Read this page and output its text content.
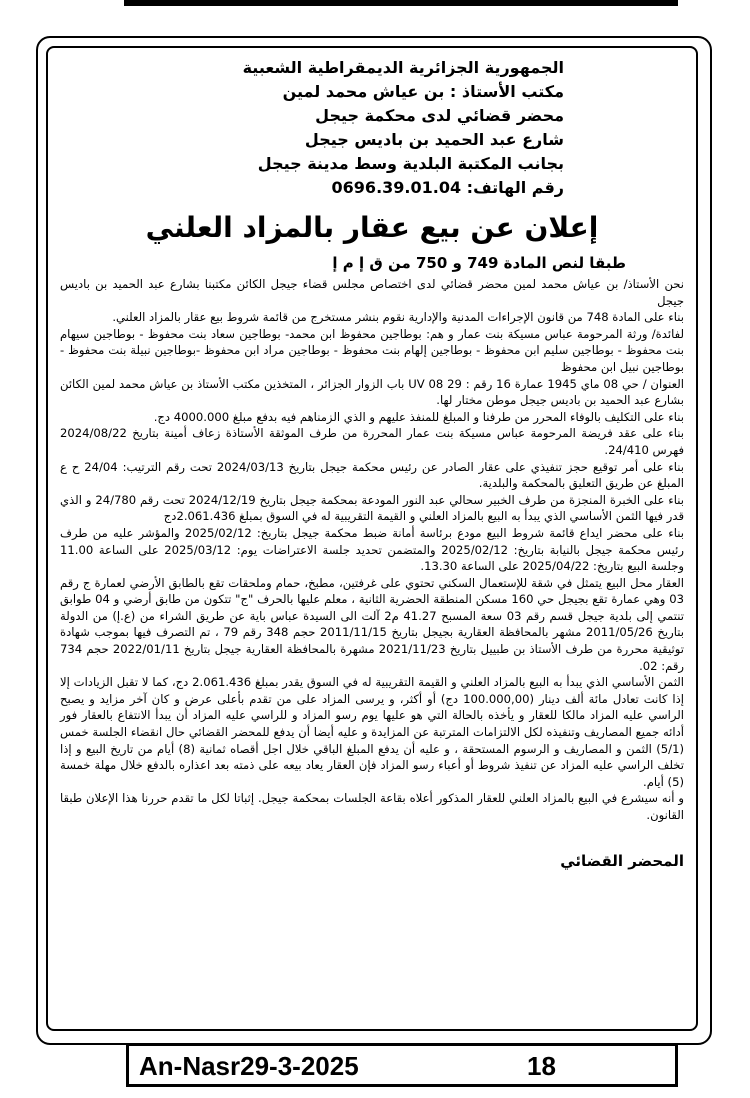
الجمهورية الجزائرية الديمقراطية الشعبية
مكتب الأستاذ : بن عياش محمد لمين
محضر قضائي لدى محكمة جيجل
شارع عبد الحميد بن باديس جيجل
بجانب المكتبة البلدية وسط مدينة جيجل
رقم الهاتف: 0696.39.01.04
إعلان عن بيع عقار بالمزاد العلني
طبقا لنص المادة 749 و 750 من ق إ م إ

نحن الأستاذ/ بن عياش محمد لمين محضر قضائي لدى اختصاص مجلس قضاء جيجل الكائن مكتبنا بشارع عبد الحميد بن باديس جيجل

بناء على المادة 748 من قانون الإجراءات المدنية والإدارية نقوم بنشر مستخرج من قائمة شروط بيع عقار بالمزاد العلني.

لفائدة/ ورثة المرحومة عباس مسيكة بنت عمار و هم: بوطاجين محفوظ ابن محمد- بوطاجين سعاد بنت محفوظ - بوطاجين سيهام بنت محفوظ - بوطاجين سليم ابن محفوظ - بوطاجين إلهام بنت محفوظ - بوطاجين مراد ابن محفوظ -بوطاجين نبيلة بنت محفوظ - بوطاجين نبيل ابن محفوظ

العنوان / حي 08 ماي 1945 عمارة 16 رقم : 29 UV 08 باب الزوار الجزائر ، المتخذين مكتب الأستاذ بن عياش محمد لمين الكائن بشارع عبد الحميد بن باديس جيجل موطن مختار لها.

بناء على التكليف بالوفاء المحرر من طرفنا و المبلغ للمنفذ عليهم و الذي الزمناهم فيه بدفع مبلغ 4000.000 دج.

بناء على عقد فريضة المرحومة عباس مسيكة بنت عمار المحررة من طرف الموثقة الأستاذة زعاف أمينة بتاريخ 2024/08/22 فهرس 24/410.

بناء على أمر توقيع حجز تنفيذي على عقار الصادر عن رئيس محكمة جيجل بتاريخ 2024/03/13 تحت رقم الترتيب: 24/04 ح ع المبلغ عن طريق التعليق بالمحكمة والبلدية.

بناء على الخبرة المنجزة من طرف الخبير سحالي عبد النور المودعة بمحكمة جيجل بتاريخ 2024/12/19 تحت رقم 24/780 و الذي قدر فيها الثمن الأساسي الذي يبدأ به البيع بالمزاد العلني و القيمة التقريبية له في السوق بمبلغ 2.061.436دج

بناء على محضر ايداع قائمة شروط البيع مودع برئاسة أمانة ضبط محكمة جيجل بتاريخ: 2025/02/12 والمؤشر عليه من طرف رئيس محكمة جيجل بالنيابة بتاريخ: 2025/02/12 والمتضمن تحديد جلسة الاعتراضات يوم: 2025/03/12 على الساعة 11.00 وجلسة البيع بتاريخ: 2025/04/22 على الساعة 13.30.

العقار محل البيع يتمثل في شقة للإستعمال السكني تحتوي على غرفتين، مطبخ، حمام وملحقات تقع بالطابق الأرضي لعمارة ج رقم 03 وهي عمارة تقع بجيجل حي 160 مسكن المنطقة الحضرية الثانية ، معلم عليها بالحرف "ج" تتكون من طابق أرضي و 04 طوابق تنتمي إلى بلدية جيجل قسم رقم 03 سعة المسبح 41.27 م2 آلت الى السيدة عباس باية عن طريق الشراء من (ع.إ) من الدولة بتاريخ 2011/05/26 مشهر بالمحافظة العقارية بجيجل بتاريخ 2011/11/15 حجم 348 رقم 79 ، تم التصرف فيها بموجب شهادة توثيقية محررة من طرف الأستاذ بن طبييل بتاريخ 2021/11/23 مشهرة بالمحافظة العقارية جيجل بتاريخ 2022/01/11 حجم 734 رقم: 02.

الثمن الأساسي الذي يبدأ به البيع بالمزاد العلني و القيمة التقريبية له في السوق يقدر بمبلغ 2.061.436 دج، كما لا تقبل الزيادات إلا إذا كانت تعادل مائة ألف دينار (100.000,00 دج) أو أكثر، و يرسى المزاد على من تقدم بأعلى عرض و كان آخر مزايد و يصبح الراسي عليه المزاد مالكا للعقار و يأخذه بالحالة التي هو عليها يوم رسو المزاد و للراسي عليه المزاد أن يبدأ الانتفاع بالعقار فور أدائه جميع المصاريف وتنفيذه لكل الالتزامات المترتبة عن المزايدة و عليه أيضا أن يدفع للمحضر القضائي حال انقضاء الجلسة خمس (5/1) الثمن و المصاريف و الرسوم المستحقة ، و عليه أن يدفع المبلغ الباقي خلال اجل أقصاه ثمانية (8) أيام من تاريخ البيع و إذا تخلف الراسي عليه المزاد عن تنفيذ شروط أو أعباء رسو المزاد فإن العقار يعاد بيعه على ذمته بعد اعذاره بالدفع خلال مهلة خمسة (5) أيام.

و أنه سيشرع في البيع بالمزاد العلني للعقار المذكور أعلاه بقاعة الجلسات بمحكمة جيجل. إثباتا لكل ما تقدم حررنا هذا الإعلان طبقا القانون.

المحضر القضائي
An-Nasr29-3-2025	18
